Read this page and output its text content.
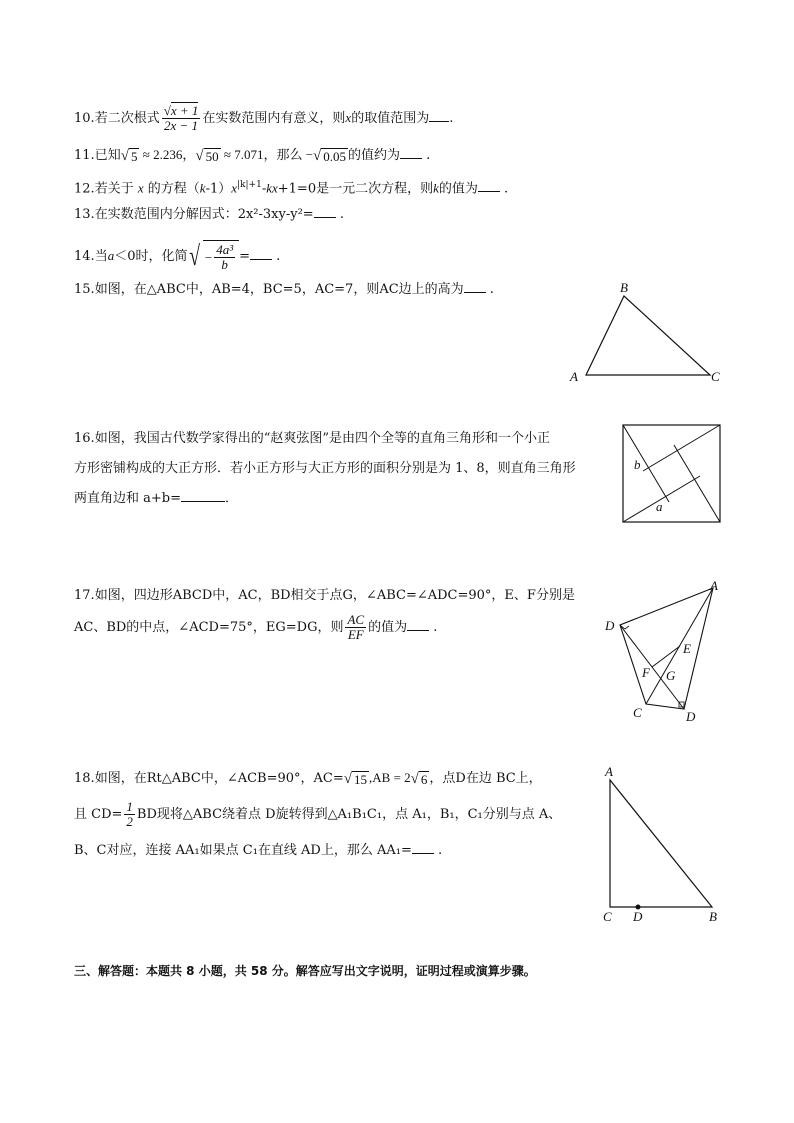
10.若二次根式 $\frac{√x + 1}{2x - 1}$ 在实数范围内有意义，则x的取值范围为 .
11.已知 √ 5 ≈ 2.236， √ 50 ≈ 7.071，那么 − √ 0.05 的值约为 .
12.若关于 x 的方程$(k-1)x^{|k|+1}-kx+1=0$是一元二次方程，则k的值为 .
13.在实数范围内分解因式：2x²-3xy-y²= .
14.当a＜0时，化简 √ − $\frac{\text{4a³}}{b}$ = .
15.如图，在△ABC中，AB=4，BC=5，AC=7，则AC边上的高为 .	B
A	C
16.如图，我国古代数学家得出的“赵爽弦图”是由四个全等的直角三角形和一个小正
方形密铺构成的大正方形．若小正方形与大正方形的面积分别是为 1、8，则直角三角形
两直角边和 a+b=	．
b
a
17.如图，四边形ABCD中，AC，BD相交于点G，∠ABC=∠ADC=90°，E、F分别是
AC、BD的中点，∠ACD=75°，EG=DG，则 $\frac{AC}{EF}$ 的值为 .
A
D
C	D
E
F G
18.如图，在Rt△ABC中，∠ACB=90°，AC= √ 15 ,AB = 2 √ 6 ，点D在边 BC上，
且 $CD= \frac{1}{2}$ BD现将△ABC绕着点 D旋转得到△A₁B₁C₁，点 A₁，B₁，C₁分别与点 A、
B、C对应，连接 AA₁如果点 C₁在直线 AD上，那么 AA₁= .
A
C D	B
三、解答题：本题共 8 小题，共 58 分。解答应写出文字说明，证明过程或演算步骤。
